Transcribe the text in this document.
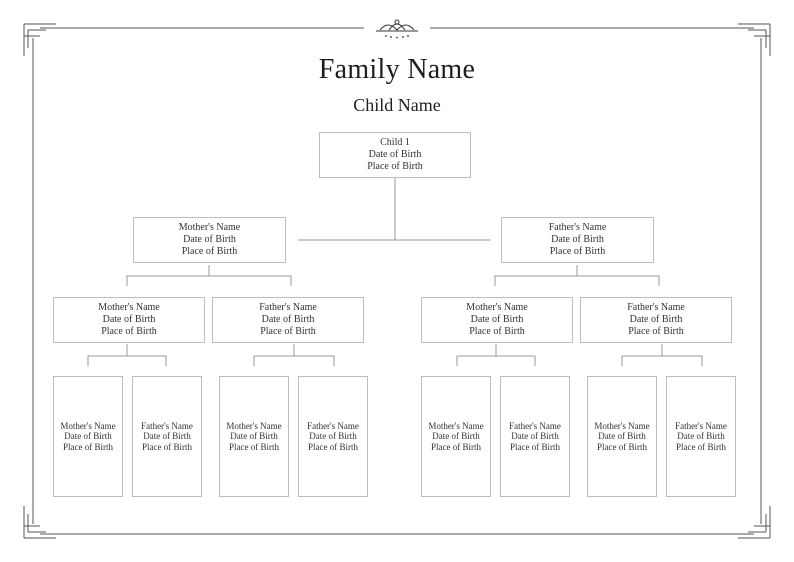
Family Name
Child Name
Child 1
Date of Birth
Place of Birth
Mother's Name
Date of Birth
Place of Birth
Father's Name
Date of Birth
Place of Birth
Mother's Name
Date of Birth
Place of Birth
Father's Name
Date of Birth
Place of Birth
Mother's Name
Date of Birth
Place of Birth
Father's Name
Date of Birth
Place of Birth
Mother's Name
Date of Birth
Place of Birth
Father's Name
Date of Birth
Place of Birth
Mother's Name
Date of Birth
Place of Birth
Father's Name
Date of Birth
Place of Birth
Mother's Name
Date of Birth
Place of Birth
Father's Name
Date of Birth
Place of Birth
Mother's Name
Date of Birth
Place of Birth
Father's Name
Date of Birth
Place of Birth
